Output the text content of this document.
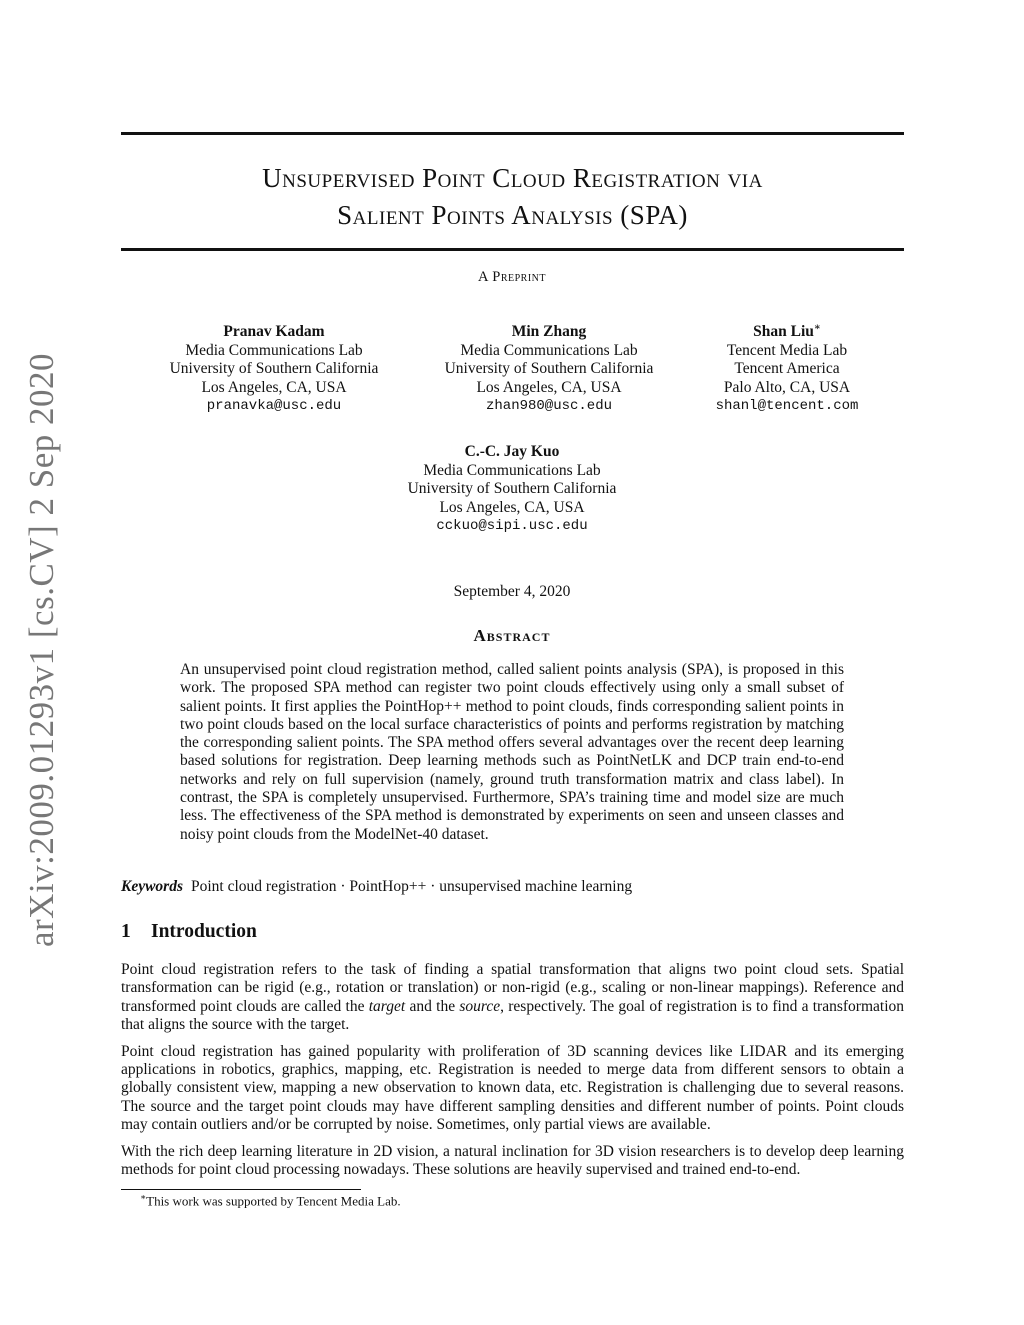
arXiv:2009.01293v1 [cs.CV] 2 Sep 2020
Unsupervised Point Cloud Registration via
Salient Points Analysis (SPA)
A Preprint
Pranav Kadam
Media Communications Lab
University of Southern California
Los Angeles, CA, USA
pranavka@usc.edu
Min Zhang
Media Communications Lab
University of Southern California
Los Angeles, CA, USA
zhan980@usc.edu
Shan Liu∗
Tencent Media Lab
Tencent America
Palo Alto, CA, USA
shanl@tencent.com
C.-C. Jay Kuo
Media Communications Lab
University of Southern California
Los Angeles, CA, USA
cckuo@sipi.usc.edu
September 4, 2020
Abstract

An unsupervised point cloud registration method, called salient points analysis (SPA), is proposed in this work. The proposed SPA method can register two point clouds effectively using only a small subset of salient points. It first applies the PointHop++ method to point clouds, finds corresponding salient points in two point clouds based on the local surface characteristics of points and performs registration by matching the corresponding salient points. The SPA method offers several advantages over the recent deep learning based solutions for registration. Deep learning methods such as PointNetLK and DCP train end-to-end networks and rely on full supervision (namely, ground truth transformation matrix and class label). In contrast, the SPA is completely unsupervised. Furthermore, SPA’s training time and model size are much less. The effectiveness of the SPA method is demonstrated by experiments on seen and unseen classes and noisy point clouds from the ModelNet-40 dataset.

Keywords Point cloud registration · PointHop++ · unsupervised machine learning
1 Introduction

Point cloud registration refers to the task of finding a spatial transformation that aligns two point cloud sets. Spatial transformation can be rigid (e.g., rotation or translation) or non-rigid (e.g., scaling or non-linear mappings). Reference and transformed point clouds are called the target and the source, respectively. The goal of registration is to find a transformation that aligns the source with the target.

Point cloud registration has gained popularity with proliferation of 3D scanning devices like LIDAR and its emerging applications in robotics, graphics, mapping, etc. Registration is needed to merge data from different sensors to obtain a globally consistent view, mapping a new observation to known data, etc. Registration is challenging due to several reasons. The source and the target point clouds may have different sampling densities and different number of points. Point clouds may contain outliers and/or be corrupted by noise. Sometimes, only partial views are available.

With the rich deep learning literature in 2D vision, a natural inclination for 3D vision researchers is to develop deep learning methods for point cloud processing nowadays. These solutions are heavily supervised and trained end-to-end.

∗This work was supported by Tencent Media Lab.
